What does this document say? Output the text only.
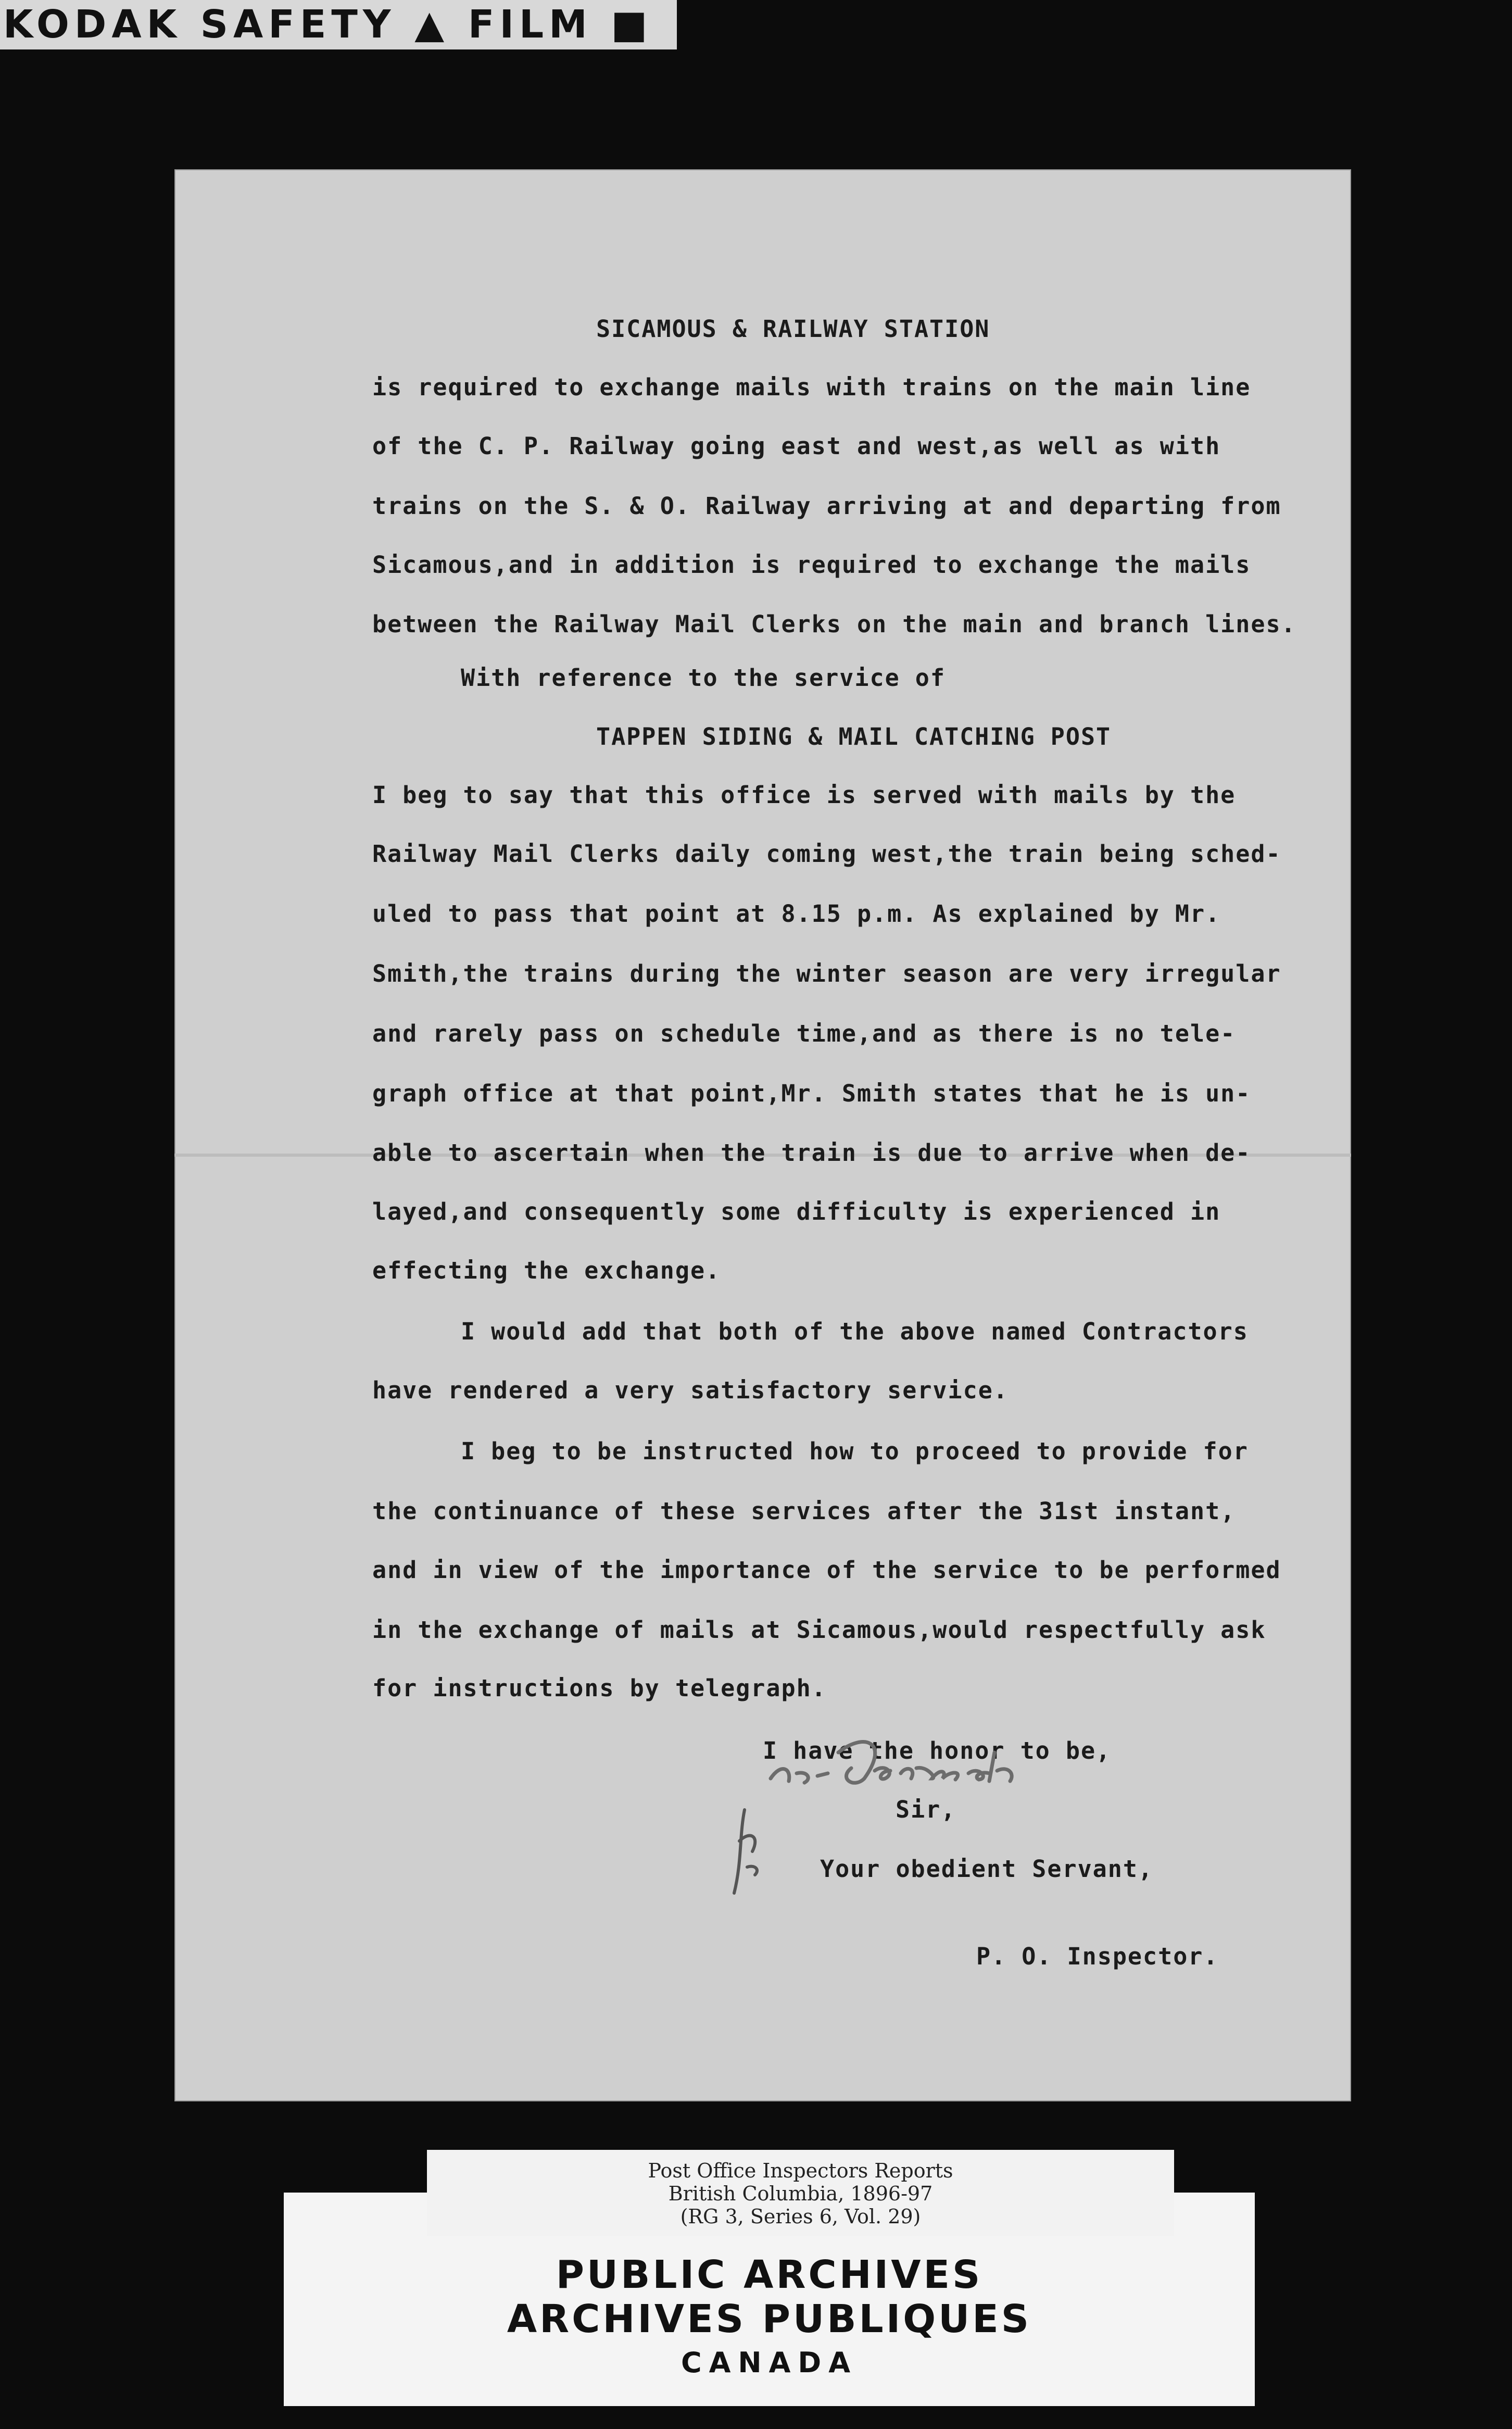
KODAK SAFETY ▲ FILM ■
SICAMOUS & RAILWAY STATION
is required to exchange mails with trains on the main line
of the C. P. Railway going east and west,as well as with
trains on the S. & O. Railway arriving at and departing from
Sicamous,and in addition is required to exchange the mails
between the Railway Mail Clerks on the main and branch lines.
With reference to the service of
TAPPEN SIDING & MAIL CATCHING POST
I beg to say that this office is served with mails by the
Railway Mail Clerks daily coming west,the train being sched-
uled to pass that point at 8.15 p.m. As explained by Mr.
Smith,the trains during the winter season are very irregular
and rarely pass on schedule time,and as there is no tele-
graph office at that point,Mr. Smith states that he is un-
able to ascertain when the train is due to arrive when de-
layed,and consequently some difficulty is experienced in
effecting the exchange.
I would add that both of the above named Contractors
have rendered a very satisfactory service.
I beg to be instructed how to proceed to provide for
the continuance of these services after the 31st instant,
and in view of the importance of the service to be performed
in the exchange of mails at Sicamous,would respectfully ask
for instructions by telegraph.
I have the honor to be,
Sir,
Your obedient Servant,
P. O. Inspector.
PUBLIC ARCHIVES
ARCHIVES PUBLIQUES
CANADA
Post Office Inspectors Reports
British Columbia, 1896-97
(RG 3, Series 6, Vol. 29)
